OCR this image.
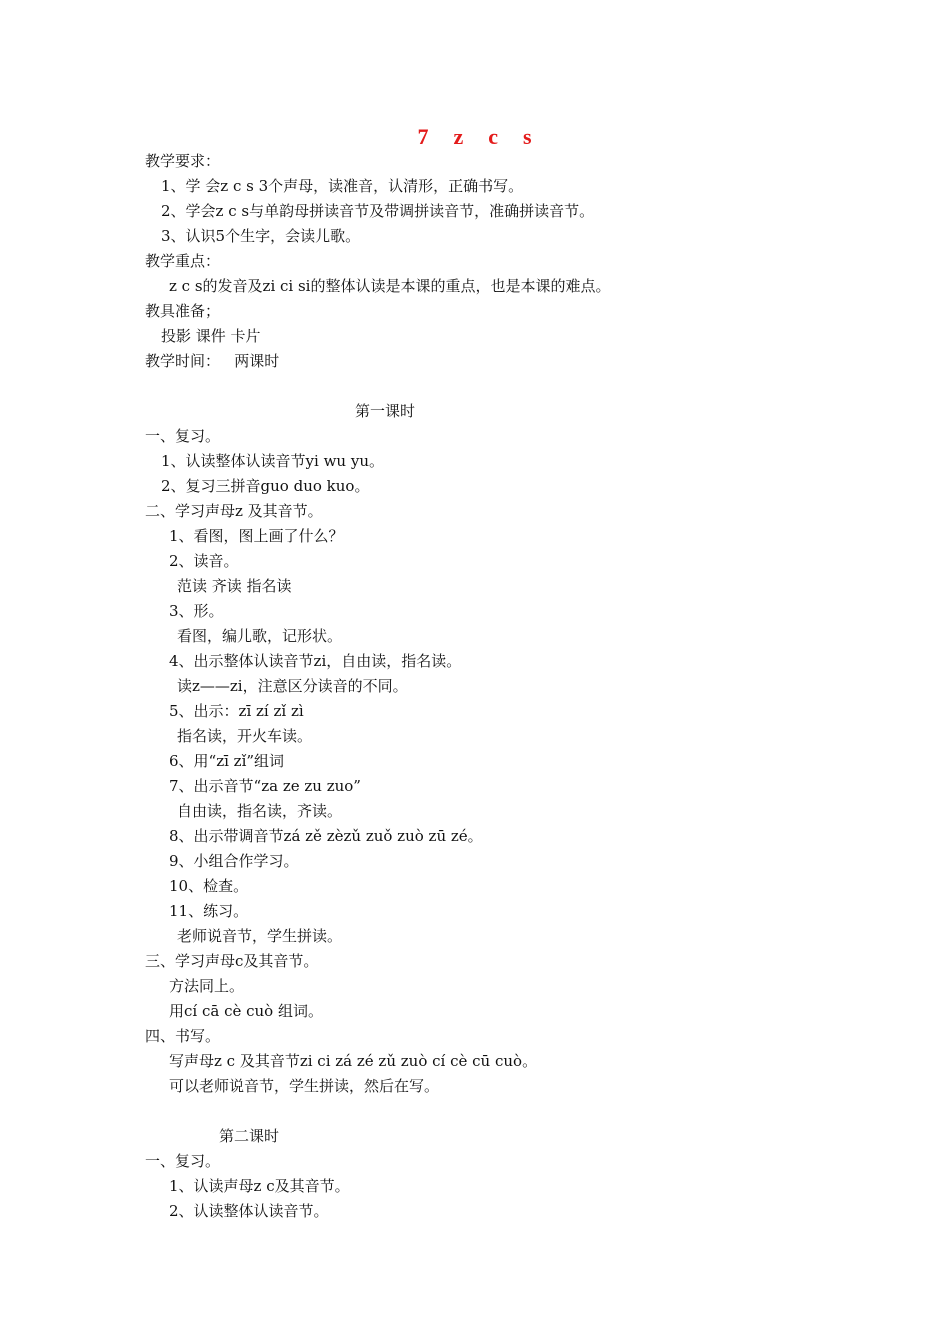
7 z c s
教学要求：
1、学 会z c s 3个声母，读准音，认清形，正确书写。
2、学会z c s与单韵母拼读音节及带调拼读音节，准确拼读音节。
3、认识5个生字，会读儿歌。
教学重点：
z c s的发音及zi ci si的整体认读是本课的重点，也是本课的难点。
教具准备；
投影 课件 卡片
教学时间：   两课时
第一课时
一、复习。
1、认读整体认读音节yi wu yu。
2、复习三拼音guo duo kuo。
二、学习声母z 及其音节。
1、看图，图上画了什么？
2、读音。
范读 齐读 指名读
3、形。
看图，编儿歌，记形状。
4、出示整体认读音节zi，自由读，指名读。
读z——zi，注意区分读音的不同。
5、出示：zī zí zǐ zì
指名读，开火车读。
6、用“zī zǐ”组词
7、出示音节“za ze zu zuo”
自由读，指名读，齐读。
8、出示带调音节zá zě zèzǔ zuǒ zuò zū zé。
9、小组合作学习。
10、检查。
11、练习。
老师说音节，学生拼读。
三、学习声母c及其音节。
方法同上。
用cí cā cè cuò 组词。
四、书写。
写声母z c 及其音节zi ci zá zé zǔ zuò cí cè cū cuò。
可以老师说音节，学生拼读，然后在写。
第二课时
一、复习。
1、认读声母z c及其音节。
2、认读整体认读音节。
